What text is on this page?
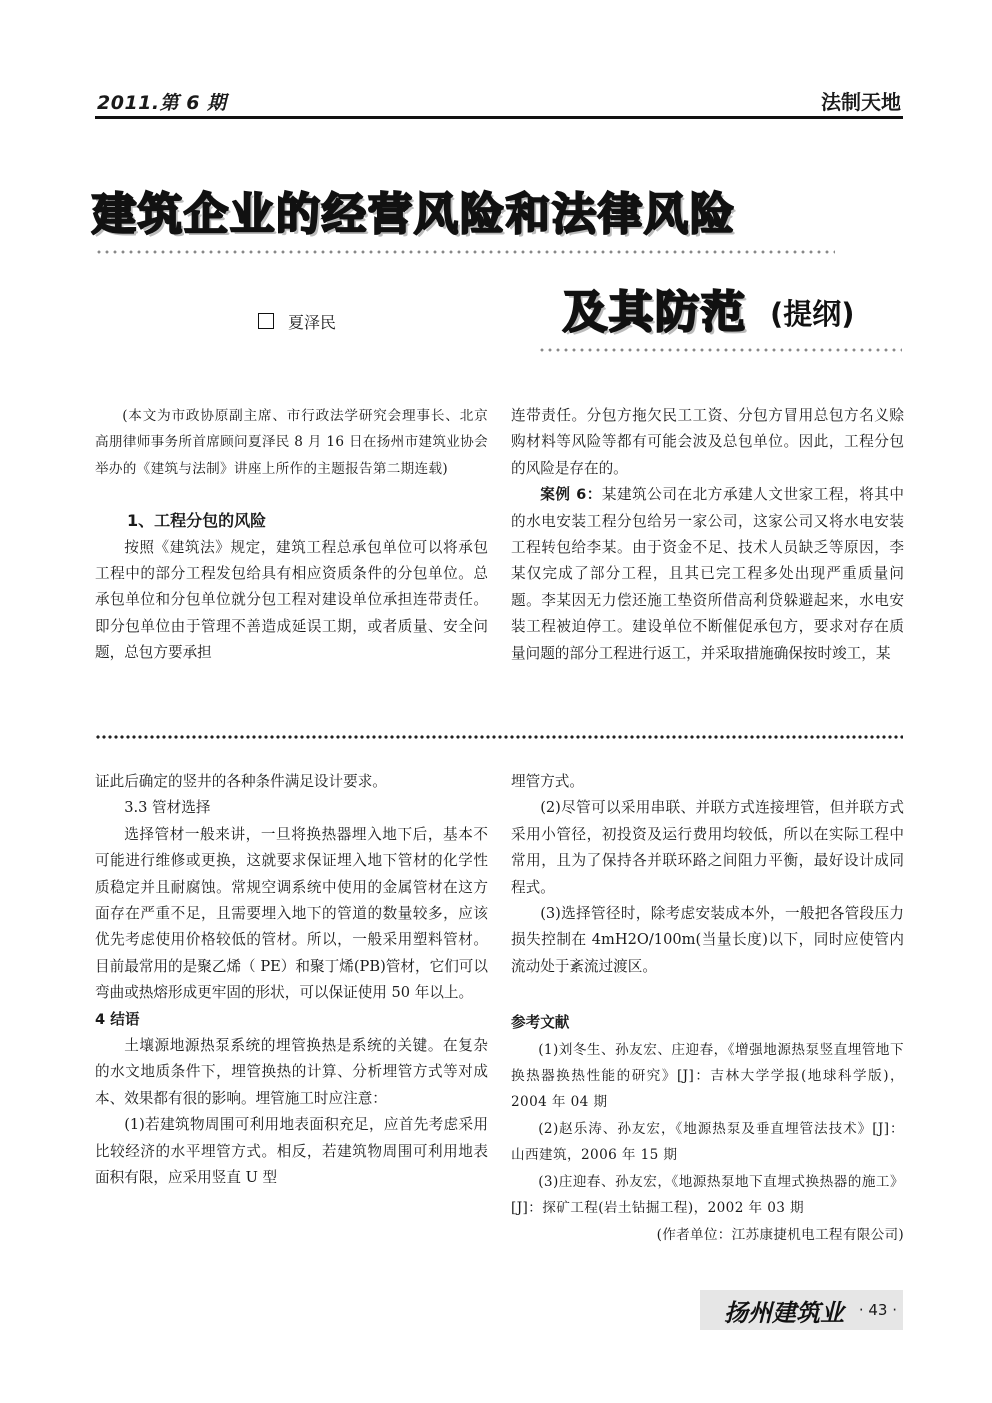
2011.第 6 期	法制天地
建筑企业的经营风险和法律风险
夏泽民	及其防范 (提纲)

(本文为市政协原副主席、市行政法学研究会理事长、北京高朋律师事务所首席顾问夏泽民 8 月 16 日在扬州市建筑业协会举办的《建筑与法制》讲座上所作的主题报告第二期连载)

1、工程分包的风险

按照《建筑法》规定，建筑工程总承包单位可以将承包工程中的部分工程发包给具有相应资质条件的分包单位。总承包单位和分包单位就分包工程对建设单位承担连带责任。即分包单位由于管理不善造成延误工期，或者质量、安全问题，总包方要承担

连带责任。分包方拖欠民工工资、分包方冒用总包方名义赊购材料等风险等都有可能会波及总包单位。因此，工程分包的风险是存在的。

案例 6：某建筑公司在北方承建人文世家工程，将其中的水电安装工程分包给另一家公司，这家公司又将水电安装工程转包给李某。由于资金不足、技术人员缺乏等原因，李某仅完成了部分工程，且其已完工程多处出现严重质量问题。李某因无力偿还施工垫资所借高利贷躲避起来，水电安装工程被迫停工。建设单位不断催促承包方，要求对存在质量问题的部分工程进行返工，并采取措施确保按时竣工，某

证此后确定的竖井的各种条件满足设计要求。

3.3 管材选择

选择管材一般来讲，一旦将换热器埋入地下后，基本不可能进行维修或更换，这就要求保证埋入地下管材的化学性质稳定并且耐腐蚀。常规空调系统中使用的金属管材在这方面存在严重不足，且需要埋入地下的管道的数量较多，应该优先考虑使用价格较低的管材。所以，一般采用塑料管材。目前最常用的是聚乙烯（ PE）和聚丁烯(PB)管材，它们可以弯曲或热熔形成更牢固的形状，可以保证使用 50 年以上。

4 结语

土壤源地源热泵系统的埋管换热是系统的关键。在复杂的水文地质条件下，埋管换热的计算、分析埋管方式等对成本、效果都有很的影响。埋管施工时应注意：

(1)若建筑物周围可利用地表面积充足，应首先考虑采用比较经济的水平埋管方式。相反，若建筑物周围可利用地表面积有限，应采用竖直 U 型

埋管方式。

(2)尽管可以采用串联、并联方式连接埋管，但并联方式采用小管径，初投资及运行费用均较低，所以在实际工程中常用，且为了保持各并联环路之间阻力平衡，最好设计成同程式。

(3)选择管径时，除考虑安装成本外，一般把各管段压力损失控制在 4mH2O/100m(当量长度)以下，同时应使管内流动处于紊流过渡区。

参考文献

(1)刘冬生、孙友宏、庄迎春，《增强地源热泵竖直埋管地下换热器换热性能的研究》[J]：吉林大学学报(地球科学版)，2004 年 04 期

(2)赵乐涛、孙友宏，《地源热泵及垂直埋管法技术》[J]：山西建筑，2006 年 15 期

(3)庄迎春、孙友宏，《地源热泵地下直埋式换热器的施工》[J]：探矿工程(岩土钻掘工程)，2002 年 03 期

(作者单位：江苏康捷机电工程有限公司)

扬州建筑业 · 43 ·
